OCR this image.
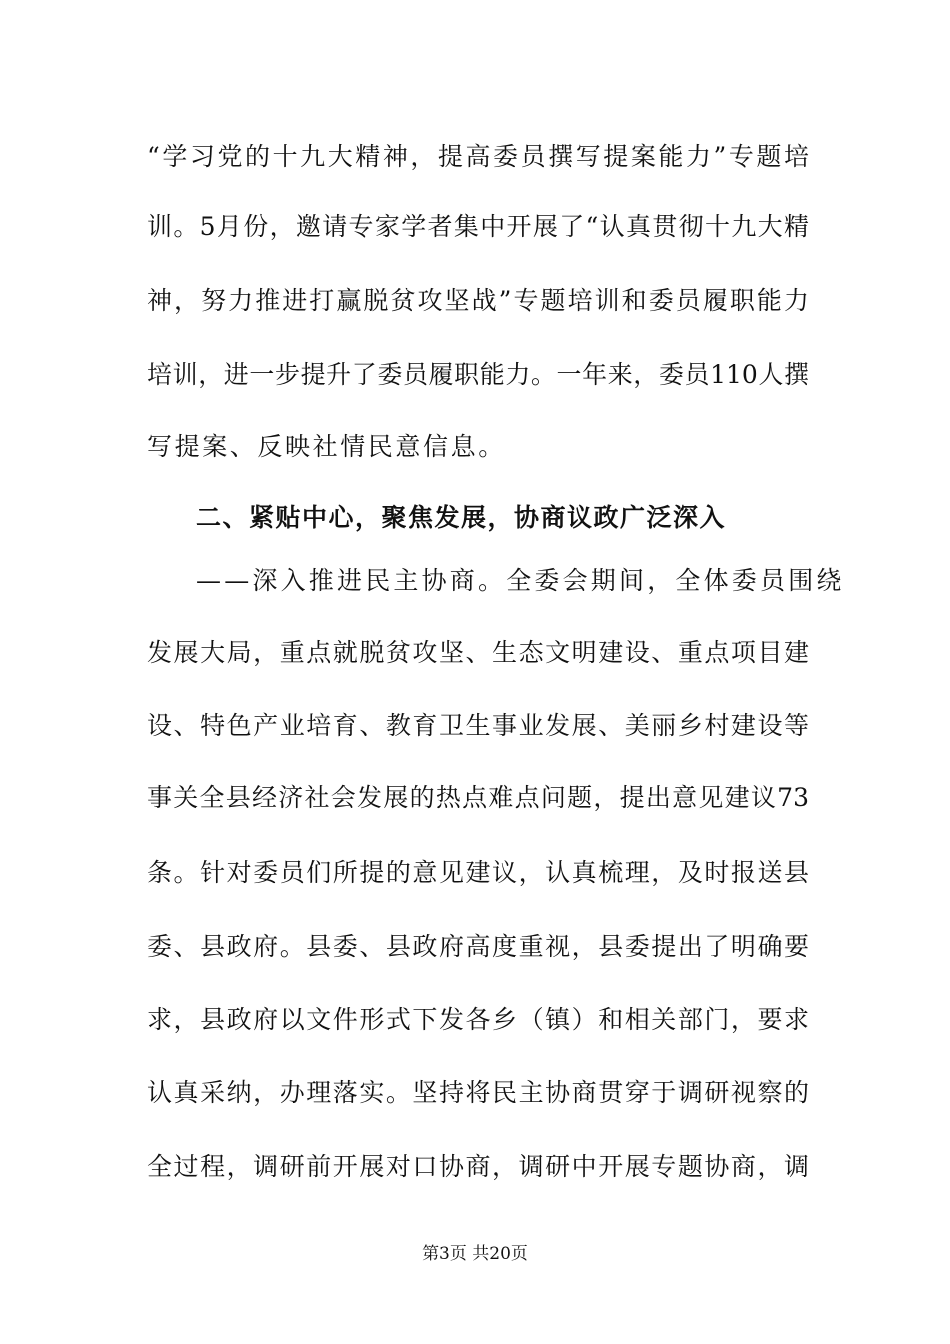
“学习党的十九大精神，提高委员撰写提案能力”专题培
训。5月份，邀请专家学者集中开展了“认真贯彻十九大精
神，努力推进打赢脱贫攻坚战”专题培训和委员履职能力
培训，进一步提升了委员履职能力。一年来，委员110人撰
写提案、反映社情民意信息。
二、紧贴中心，聚焦发展，协商议政广泛深入
——深入推进民主协商。全委会期间，全体委员围绕
发展大局，重点就脱贫攻坚、生态文明建设、重点项目建
设、特色产业培育、教育卫生事业发展、美丽乡村建设等
事关全县经济社会发展的热点难点问题，提出意见建议73
条。针对委员们所提的意见建议，认真梳理，及时报送县
委、县政府。县委、县政府高度重视，县委提出了明确要
求，县政府以文件形式下发各乡（镇）和相关部门，要求
认真采纳，办理落实。坚持将民主协商贯穿于调研视察的
全过程，调研前开展对口协商，调研中开展专题协商，调
第3页 共20页
